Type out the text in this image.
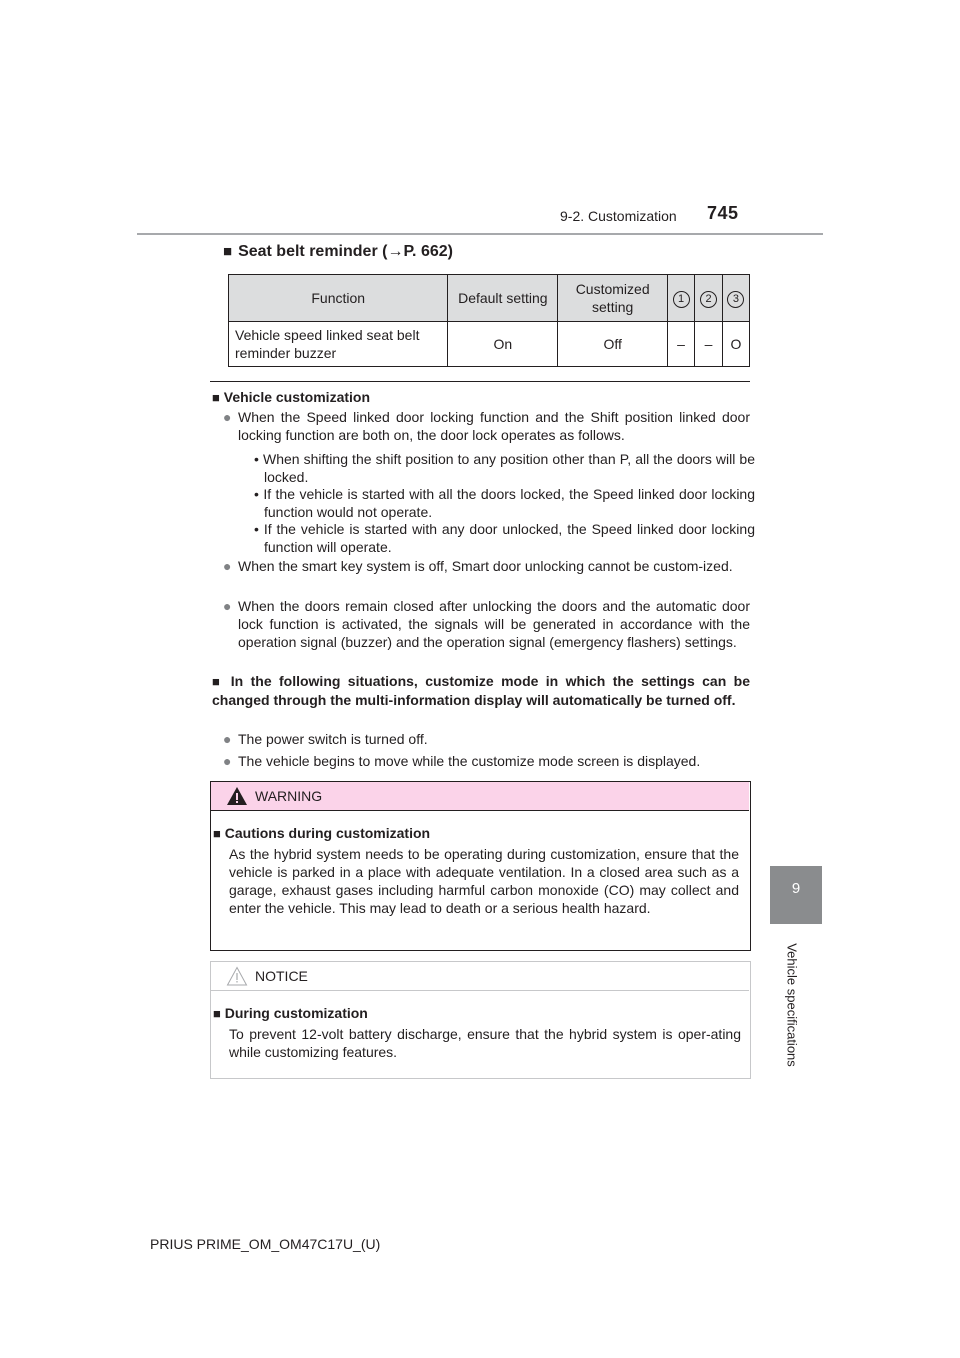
9-2. Customization 745
9
Vehicle specifications
■ Seat belt reminder (→P. 662)
Function	Default setting	Customized setting	1	2	3
Vehicle speed linked seat belt reminder buzzer	On	Off	–	–	O
■ Vehicle customization
● When the Speed linked door locking function and the Shift position linked door locking function are both on, the door lock operates as follows.
• When shifting the shift position to any position other than P, all the doors will be locked.
• If the vehicle is started with all the doors locked, the Speed linked door locking function would not operate.
• If the vehicle is started with any door unlocked, the Speed linked door locking function will operate.
● When the smart key system is off, Smart door unlocking cannot be custom-ized.
● When the doors remain closed after unlocking the doors and the automatic door lock function is activated, the signals will be generated in accordance with the operation signal (buzzer) and the operation signal (emergency flashers) settings.
■ In the following situations, customize mode in which the settings can be changed through the multi-information display will automatically be turned off.
● The power switch is turned off.
● The vehicle begins to move while the customize mode screen is displayed.
WARNING
■ Cautions during customization
As the hybrid system needs to be operating during customization, ensure that the vehicle is parked in a place with adequate ventilation. In a closed area such as a garage, exhaust gases including harmful carbon monoxide (CO) may collect and enter the vehicle. This may lead to death or a serious health hazard.
NOTICE
■ During customization
To prevent 12-volt battery discharge, ensure that the hybrid system is oper-ating while customizing features.
PRIUS PRIME_OM_OM47C17U_(U)
